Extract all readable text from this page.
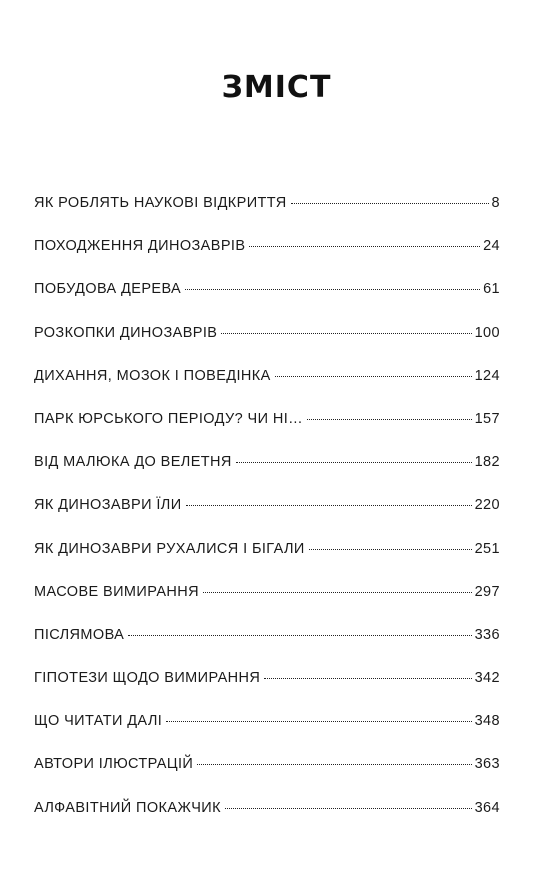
ЗМІСТ
ЯК РОБЛЯТЬ НАУКОВІ ВІДКРИТТЯ	8
ПОХОДЖЕННЯ ДИНОЗАВРІВ	24
ПОБУДОВА ДЕРЕВА	61
РОЗКОПКИ ДИНОЗАВРІВ	100
ДИХАННЯ, МОЗОК І ПОВЕДІНКА	124
ПАРК ЮРСЬКОГО ПЕРІОДУ? ЧИ НІ…	157
ВІД МАЛЮКА ДО ВЕЛЕТНЯ	182
ЯК ДИНОЗАВРИ ЇЛИ	220
ЯК ДИНОЗАВРИ РУХАЛИСЯ І БІГАЛИ	251
МАСОВЕ ВИМИРАННЯ	297
ПІСЛЯМОВА	336
ГІПОТЕЗИ ЩОДО ВИМИРАННЯ	342
ЩО ЧИТАТИ ДАЛІ	348
АВТОРИ ІЛЮСТРАЦІЙ	363
АЛФАВІТНИЙ ПОКАЖЧИК	364
